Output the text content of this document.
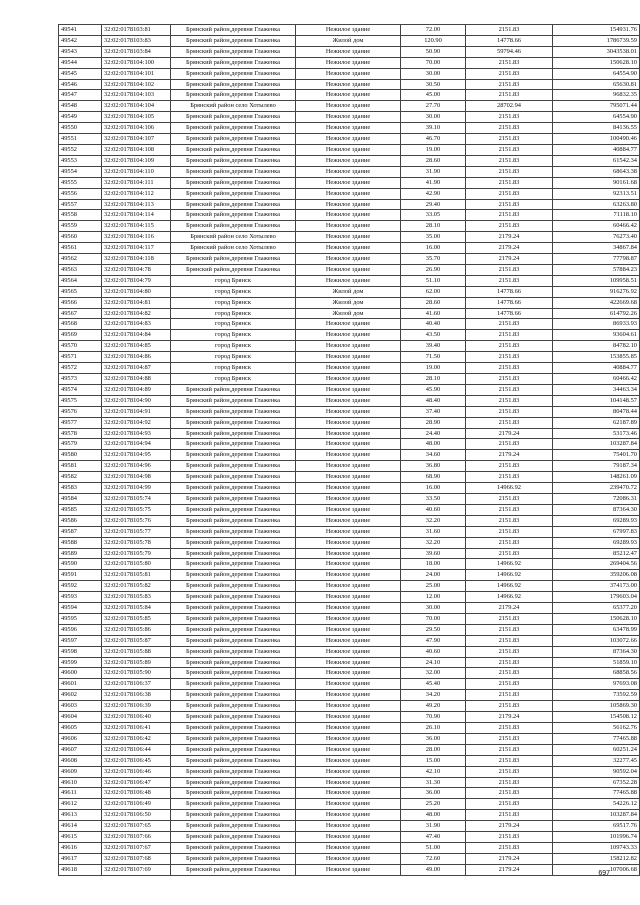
49541	32:02:0178103:81	Брянский район,деревня Глаженка	Нежилое здание	72.00	2151.83	154931.76
49542	32:02:0178103:83	Брянский район,деревня Глаженка	Жилой дом	120.90	14778.66	1786739.59
49543	32:02:0178103:84	Брянский район,деревня Глаженка	Нежилое здание	50.90	59794.46	3043538.01
49544	32:02:0178104:100	Брянский район,деревня Глаженка	Нежилое здание	70.00	2151.83	150628.10
49545	32:02:0178104:101	Брянский район,деревня Глаженка	Нежилое здание	30.00	2151.83	64554.90
49546	32:02:0178104:102	Брянский район,деревня Глаженка	Нежилое здание	30.50	2151.83	65630.81
49547	32:02:0178104:103	Брянский район,деревня Глаженка	Нежилое здание	45.00	2151.83	96832.35
49548	32:02:0178104:104	Брянский район село Хотылево	Нежилое здание	27.70	28702.94	795071.44
49549	32:02:0178104:105	Брянский район,деревня Глаженка	Нежилое здание	30.00	2151.83	64554.90
49550	32:02:0178104:106	Брянский район,деревня Глаженка	Нежилое здание	39.10	2151.83	84136.55
49551	32:02:0178104:107	Брянский район,деревня Глаженка	Нежилое здание	46.70	2151.83	100490.46
49552	32:02:0178104:108	Брянский район,деревня Глаженка	Нежилое здание	19.00	2151.83	40884.77
49553	32:02:0178104:109	Брянский район,деревня Глаженка	Нежилое здание	28.60	2151.83	61542.34
49554	32:02:0178104:110	Брянский район,деревня Глаженка	Нежилое здание	31.90	2151.83	68643.38
49555	32:02:0178104:111	Брянский район,деревня Глаженка	Нежилое здание	41.90	2151.83	90161.68
49556	32:02:0178104:112	Брянский район,деревня Глаженка	Нежилое здание	42.90	2151.83	92313.51
49557	32:02:0178104:113	Брянский район,деревня Глаженка	Нежилое здание	29.40	2151.83	63263.80
49558	32:02:0178104:114	Брянский район,деревня Глаженка	Нежилое здание	33.05	2151.83	71118.10
49559	32:02:0178104:115	Брянский район,деревня Глаженка	Нежилое здание	28.10	2151.83	60466.42
49560	32:02:0178104:116	Брянский район село Хотылево	Нежилое здание	35.00	2179.24	76273.40
49561	32:02:0178104:117	Брянский район село Хотылево	Нежилое здание	16.00	2179.24	34867.84
49562	32:02:0178104:118	Брянский район,деревня Глаженка	Нежилое здание	35.70	2179.24	77798.87
49563	32:02:0178104:78	Брянский район,деревня Глаженка	Нежилое здание	26.90	2151.83	57884.23
49564	32:02:0178104:79	город Брянск	Нежилое здание	51.10	2151.83	109958.51
49565	32:02:0178104:80	город Брянск	Жилой дом	62.00	14778.66	916276.92
49566	32:02:0178104:81	город Брянск	Жилой дом	28.60	14778.66	422669.68
49567	32:02:0178104:82	город Брянск	Жилой дом	41.60	14778.66	614792.26
49568	32:02:0178104:83	город Брянск	Нежилое здание	40.40	2151.83	86933.93
49569	32:02:0178104:84	город Брянск	Нежилое здание	43.50	2151.83	93604.61
49570	32:02:0178104:85	город Брянск	Нежилое здание	39.40	2151.83	84782.10
49571	32:02:0178104:86	город Брянск	Нежилое здание	71.50	2151.83	153855.85
49572	32:02:0178104:87	город Брянск	Нежилое здание	19.00	2151.83	40884.77
49573	32:02:0178104:88	город Брянск	Нежилое здание	28.10	2151.83	60466.42
49574	32:02:0178104:89	Брянский район,деревня Глаженка	Нежилое здание	45.90	2151.83	34463.34
49575	32:02:0178104:90	Брянский район,деревня Глаженка	Нежилое здание	48.40	2151.83	104148.57
49576	32:02:0178104:91	Брянский район,деревня Глаженка	Нежилое здание	37.40	2151.83	80478.44
49577	32:02:0178104:92	Брянский район,деревня Глаженка	Нежилое здание	28.90	2151.83	62187.89
49578	32:02:0178104:93	Брянский район,деревня Глаженка	Нежилое здание	24.40	2179.24	53173.46
49579	32:02:0178104:94	Брянский район,деревня Глаженка	Нежилое здание	48.00	2151.83	103287.84
49580	32:02:0178104:95	Брянский район,деревня Глаженка	Нежилое здание	34.60	2179.24	75401.70
49581	32:02:0178104:96	Брянский район,деревня Глаженка	Нежилое здание	36.80	2151.83	79187.34
49582	32:02:0178104:98	Брянский район,деревня Глаженка	Нежилое здание	68.90	2151.83	148261.09
49583	32:02:0178104:99	Брянский район,деревня Глаженка	Нежилое здание	16.00	14966.92	239470.72
49584	32:02:0178105:74	Брянский район,деревня Глаженка	Нежилое здание	33.50	2151.83	72086.31
49585	32:02:0178105:75	Брянский район,деревня Глаженка	Нежилое здание	40.60	2151.83	87364.30
49586	32:02:0178105:76	Брянский район,деревня Глаженка	Нежилое здание	32.20	2151.83	69289.93
49587	32:02:0178105:77	Брянский район,деревня Глаженка	Нежилое здание	31.60	2151.83	67997.83
49588	32:02:0178105:78	Брянский район,деревня Глаженка	Нежилое здание	32.20	2151.83	69289.93
49589	32:02:0178105:79	Брянский район,деревня Глаженка	Нежилое здание	39.60	2151.83	85212.47
49590	32:02:0178105:80	Брянский район,деревня Глаженка	Нежилое здание	18.00	14966.92	269404.56
49591	32:02:0178105:81	Брянский район,деревня Глаженка	Нежилое здание	24.00	14966.92	359206.08
49592	32:02:0178105:82	Брянский район,деревня Глаженка	Нежилое здание	25.00	14966.92	374173.00
49593	32:02:0178105:83	Брянский район,деревня Глаженка	Нежилое здание	12.00	14966.92	179603.04
49594	32:02:0178105:84	Брянский район,деревня Глаженка	Нежилое здание	30.00	2179.24	65377.20
49595	32:02:0178105:85	Брянский район,деревня Глаженка	Нежилое здание	70.00	2151.83	150628.10
49596	32:02:0178105:86	Брянский район,деревня Глаженка	Нежилое здание	29.50	2151.83	63478.99
49597	32:02:0178105:87	Брянский район,деревня Глаженка	Нежилое здание	47.90	2151.83	103072.66
49598	32:02:0178105:88	Брянский район,деревня Глаженка	Нежилое здание	40.60	2151.83	87364.30
49599	32:02:0178105:89	Брянский район,деревня Глаженка	Нежилое здание	24.10	2151.83	51859.10
49600	32:02:0178105:90	Брянский район,деревня Глаженка	Нежилое здание	32.00	2151.83	68858.56
49601	32:02:0178106:37	Брянский район,деревня Глаженка	Нежилое здание	45.40	2151.83	97693.08
49602	32:02:0178106:38	Брянский район,деревня Глаженка	Нежилое здание	34.20	2151.83	73592.59
49603	32:02:0178106:39	Брянский район,деревня Глаженка	Нежилое здание	49.20	2151.83	105869.30
49604	32:02:0178106:40	Брянский район,деревня Глаженка	Нежилое здание	70.90	2179.24	154508.12
49605	32:02:0178106:41	Брянский район,деревня Глаженка	Нежилое здание	26.10	2151.83	56162.76
49606	32:02:0178106:42	Брянский район,деревня Глаженка	Нежилое здание	36.00	2151.83	77465.88
49607	32:02:0178106:44	Брянский район,деревня Глаженка	Нежилое здание	28.00	2151.83	60251.24
49608	32:02:0178106:45	Брянский район,деревня Глаженка	Нежилое здание	15.00	2151.83	32277.45
49609	32:02:0178106:46	Брянский район,деревня Глаженка	Нежилое здание	42.10	2151.83	90592.04
49610	32:02:0178106:47	Брянский район,деревня Глаженка	Нежилое здание	31.30	2151.83	67352.28
49611	32:02:0178106:48	Брянский район,деревня Глаженка	Нежилое здание	36.00	2151.83	77465.88
49612	32:02:0178106:49	Брянский район,деревня Глаженка	Нежилое здание	25.20	2151.83	54226.12
49613	32:02:0178106:50	Брянский район,деревня Глаженка	Нежилое здание	48.00	2151.83	103287.84
49614	32:02:0178107:65	Брянский район,деревня Глаженка	Нежилое здание	31.90	2179.24	69517.76
49615	32:02:0178107:66	Брянский район,деревня Глаженка	Нежилое здание	47.40	2151.83	101996.74
49616	32:02:0178107:67	Брянский район,деревня Глаженка	Нежилое здание	51.00	2151.83	109743.33
49617	32:02:0178107:68	Брянский район,деревня Глаженка	Нежилое здание	72.60	2179.24	158212.82
49618	32:02:0178107:69	Брянский район,деревня Глаженка	Нежилое здание	49.00	2179.24	107006.68
697
